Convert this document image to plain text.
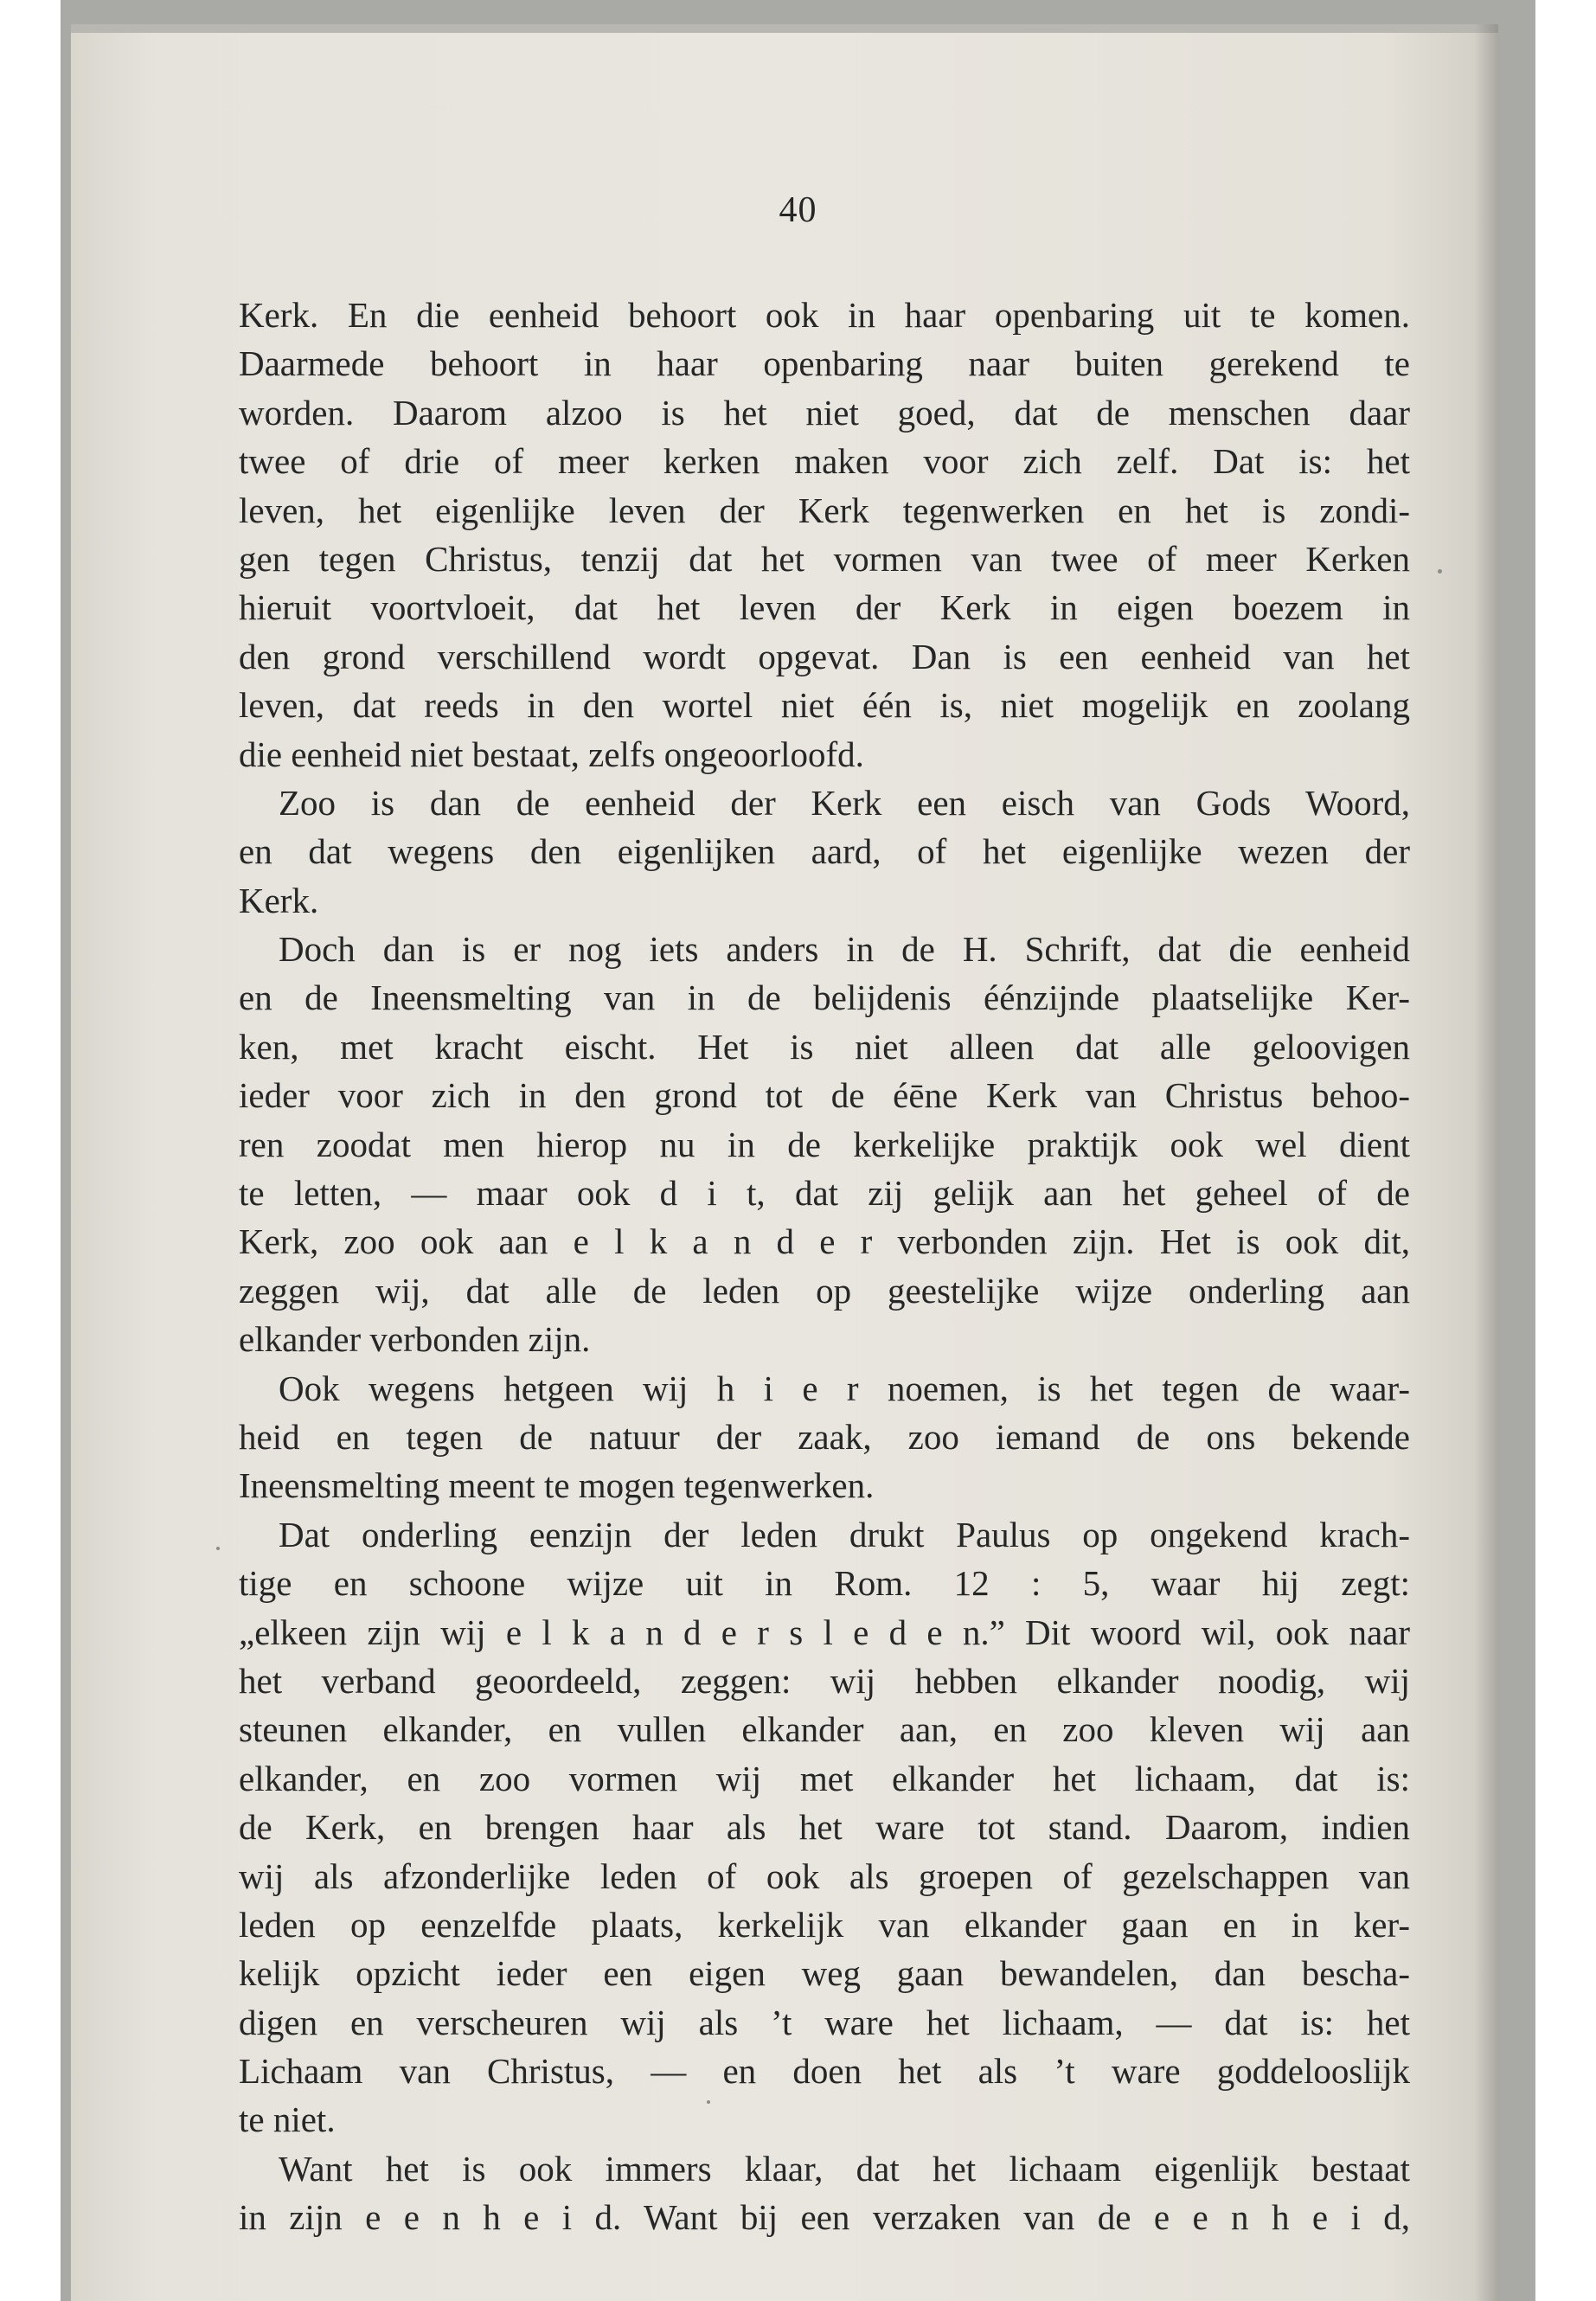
40
Kerk. En die eenheid behoort ook in haar openbaring uit te komen.
Daarmede behoort in haar openbaring naar buiten gerekend te
worden. Daarom alzoo is het niet goed, dat de menschen daar
twee of drie of meer kerken maken voor zich zelf. Dat is: het
leven, het eigenlijke leven der Kerk tegenwerken en het is zondi-
gen tegen Christus, tenzij dat het vormen van twee of meer Kerken
hieruit voortvloeit, dat het leven der Kerk in eigen boezem in
den grond verschillend wordt opgevat. Dan is een eenheid van het
leven, dat reeds in den wortel niet één is, niet mogelijk en zoolang
die eenheid niet bestaat, zelfs ongeoorloofd.
Zoo is dan de eenheid der Kerk een eisch van Gods Woord,
en dat wegens den eigenlijken aard, of het eigenlijke wezen der
Kerk.
Doch dan is er nog iets anders in de H. Schrift, dat die eenheid
en de Ineensmelting van in de belijdenis éénzijnde plaatselijke Ker-
ken, met kracht eischt. Het is niet alleen dat alle geloovigen
ieder voor zich in den grond tot de éēne Kerk van Christus behoo-
ren zoodat men hierop nu in de kerkelijke praktijk ook wel dient
te letten, — maar ook d i t, dat zij gelijk aan het geheel of de
Kerk, zoo ook aan e l k a n d e r verbonden zijn. Het is ook dit,
zeggen wij, dat alle de leden op geestelijke wijze onderling aan
elkander verbonden zijn.
Ook wegens hetgeen wij h i e r noemen, is het tegen de waar-
heid en tegen de natuur der zaak, zoo iemand de ons bekende
Ineensmelting meent te mogen tegenwerken.
Dat onderling eenzijn der leden drukt Paulus op ongekend krach-
tige en schoone wijze uit in Rom. 12 : 5, waar hij zegt:
„elkeen zijn wij e l k a n d e r s l e d e n.” Dit woord wil, ook naar
het verband geoordeeld, zeggen: wij hebben elkander noodig, wij
steunen elkander, en vullen elkander aan, en zoo kleven wij aan
elkander, en zoo vormen wij met elkander het lichaam, dat is:
de Kerk, en brengen haar als het ware tot stand. Daarom, indien
wij als afzonderlijke leden of ook als groepen of gezelschappen van
leden op eenzelfde plaats, kerkelijk van elkander gaan en in ker-
kelijk opzicht ieder een eigen weg gaan bewandelen, dan bescha-
digen en verscheuren wij als ’t ware het lichaam, — dat is: het
Lichaam van Christus, — en doen het als ’t ware goddelooslijk
te niet.
Want het is ook immers klaar, dat het lichaam eigenlijk bestaat
in zijn e e n h e i d. Want bij een verzaken van de e e n h e i d,
